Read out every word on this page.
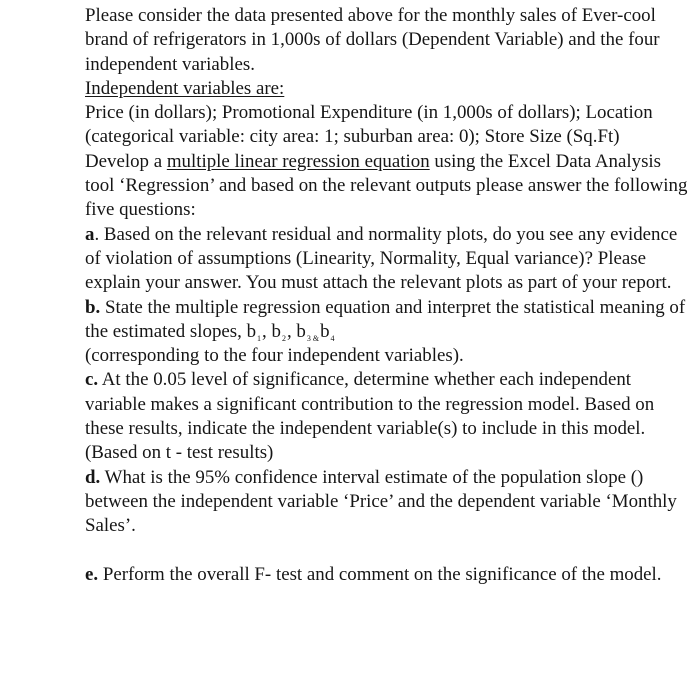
Please consider the data presented above for the monthly sales of Ever-cool brand of refrigerators in 1,000s of dollars (Dependent Variable) and the four independent variables.

Independent variables are:

Price (in dollars); Promotional Expenditure (in 1,000s of dollars); Location (categorical variable: city area: 1; suburban area: 0); Store Size (Sq.Ft)

Develop a multiple linear regression equation using the Excel Data Analysis tool ‘Regression’ and based on the relevant outputs please answer the following five questions:

a. Based on the relevant residual and normality plots, do you see any evidence of violation of assumptions (Linearity, Normality, Equal variance)? Please explain your answer. You must attach the relevant plots as part of your report.

b. State the multiple regression equation and interpret the statistical meaning of the estimated slopes, $b_1$, $b_2$, $b_{3 \&}b_4$
(corresponding to the four independent variables).

c. At the 0.05 level of significance, determine whether each independent variable makes a significant contribution to the regression model. Based on these results, indicate the independent variable(s) to include in this model. (Based on t - test results)

d. What is the 95% confidence interval estimate of the population slope () between the independent variable ‘Price’ and the dependent variable ‘Monthly Sales’.

e. Perform the overall F- test and comment on the significance of the model.
